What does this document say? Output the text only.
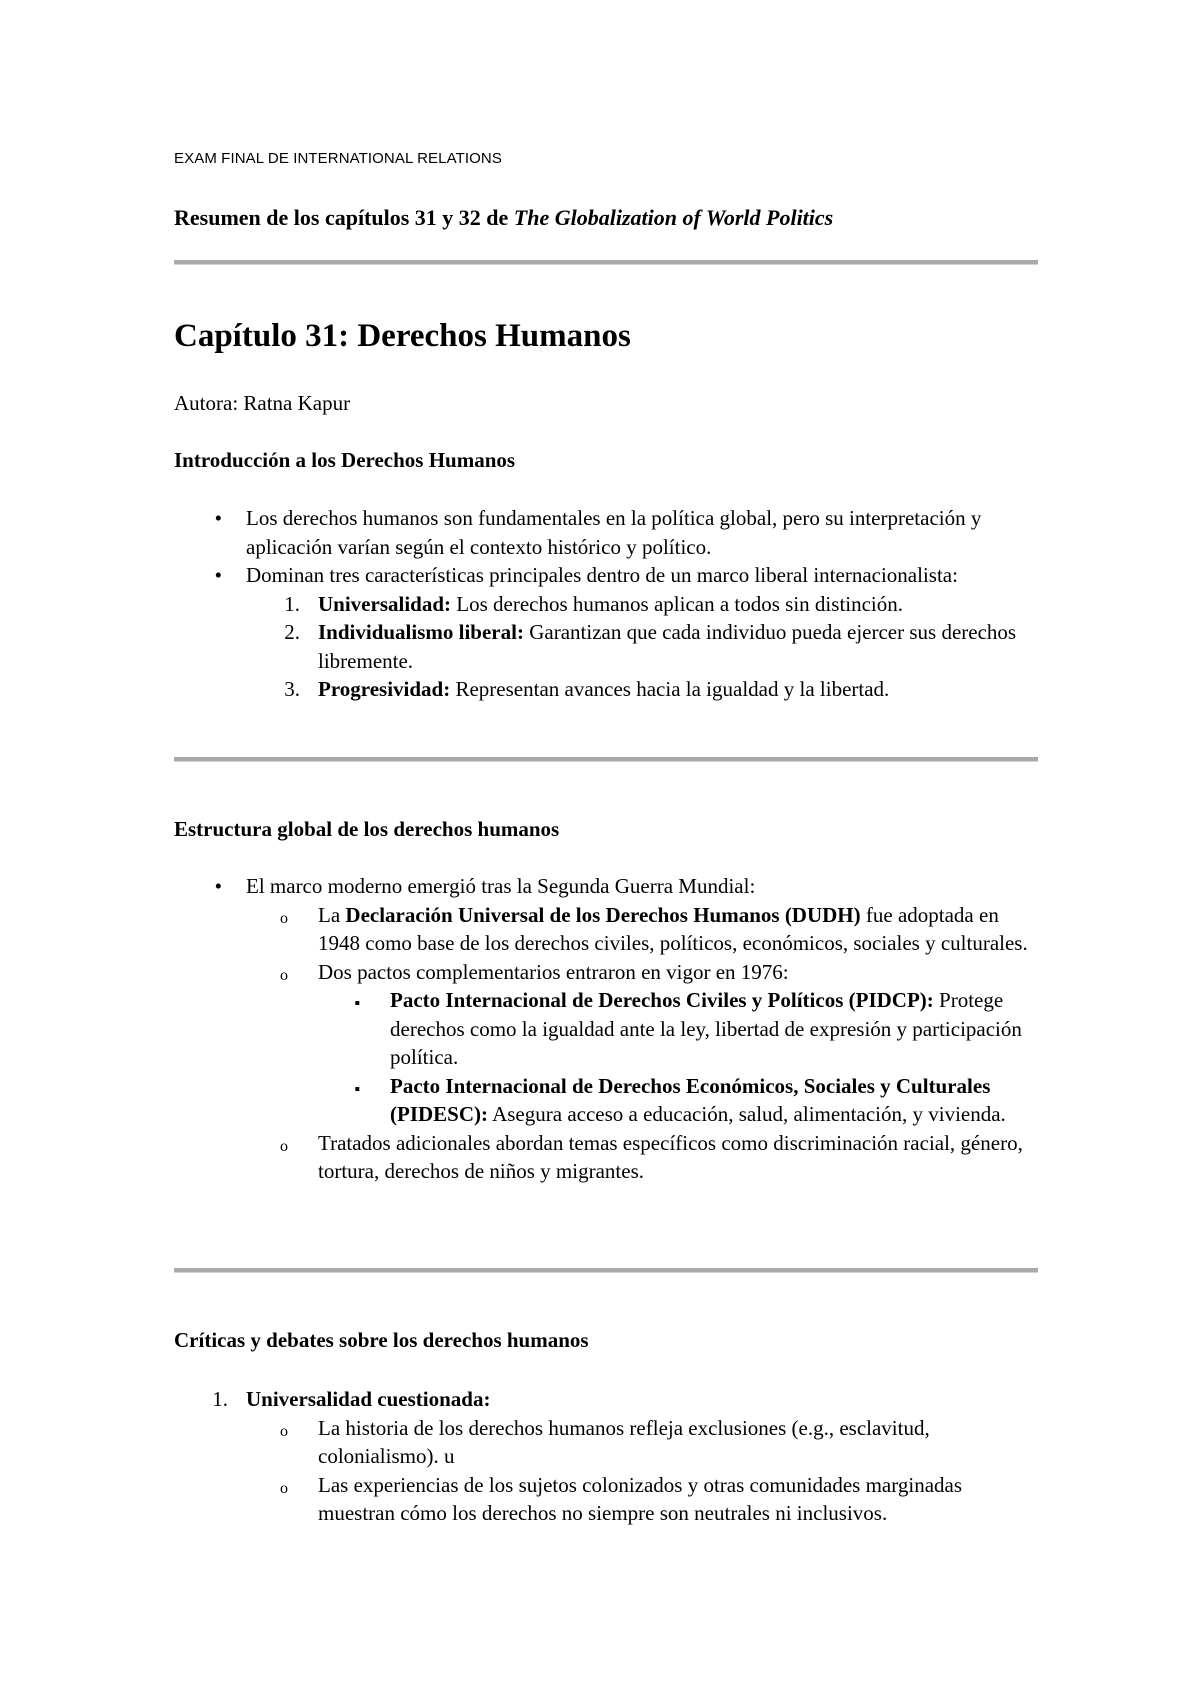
EXAM FINAL DE INTERNATIONAL RELATIONS
Resumen de los capítulos 31 y 32 de The Globalization of World Politics
Capítulo 31: Derechos Humanos
Autora: Ratna Kapur
Introducción a los Derechos Humanos
• Los derechos humanos son fundamentales en la política global, pero su interpretación y aplicación varían según el contexto histórico y político.
• Dominan tres características principales dentro de un marco liberal internacionalista:
1. Universalidad: Los derechos humanos aplican a todos sin distinción.
2. Individualismo liberal: Garantizan que cada individuo pueda ejercer sus derechos libremente.
3. Progresividad: Representan avances hacia la igualdad y la libertad.
Estructura global de los derechos humanos
• El marco moderno emergió tras la Segunda Guerra Mundial:
o La Declaración Universal de los Derechos Humanos (DUDH) fue adoptada en 1948 como base de los derechos civiles, políticos, económicos, sociales y culturales.
o Dos pactos complementarios entraron en vigor en 1976:
▪ Pacto Internacional de Derechos Civiles y Políticos (PIDCP): Protege derechos como la igualdad ante la ley, libertad de expresión y participación política.
▪ Pacto Internacional de Derechos Económicos, Sociales y Culturales (PIDESC): Asegura acceso a educación, salud, alimentación, y vivienda.
o Tratados adicionales abordan temas específicos como discriminación racial, género, tortura, derechos de niños y migrantes.
Críticas y debates sobre los derechos humanos
1. Universalidad cuestionada:
o La historia de los derechos humanos refleja exclusiones (e.g., esclavitud, colonialismo). u
o Las experiencias de los sujetos colonizados y otras comunidades marginadas muestran cómo los derechos no siempre son neutrales ni inclusivos.
